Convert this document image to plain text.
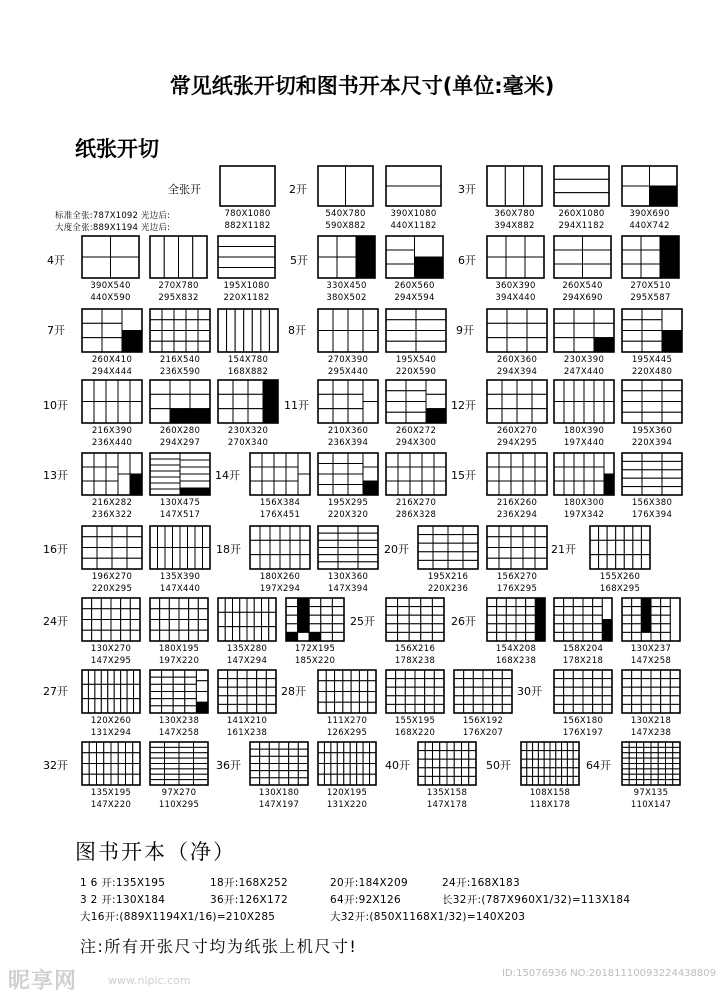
常见纸张开切和图书开本尺寸(单位:毫米)
纸张开切
标准全张:787X1092 光边后:
大度全张:889X1194 光边后:
780X1080
882X1182
全张开
540X780
590X882
2开
390X1080
440X1182
360X780
394X882
3开
260X1080
294X1182
390X690
440X742
390X540
440X590
4开
270X780
295X832
195X1080
220X1182
330X450
380X502
5开
260X560
294X594
360X390
394X440
6开
260X540
294X690
270X510
295X587
260X410
294X444
7开
216X540
236X590
154X780
168X882
270X390
295X440
8开
195X540
220X590
260X360
294X394
9开
230X390
247X440
195X445
220X480
216X390
236X440
10开
260X280
294X297
230X320
270X340
210X360
236X394
11开
260X272
294X300
260X270
294X295
12开
180X390
197X440
195X360
220X394
216X282
236X322
13开
130X475
147X517
156X384
176X451
14开
195X295
220X320
216X270
286X328
216X260
236X294
15开
180X300
197X342
156X380
176X394
196X270
220X295
16开
135X390
147X440
180X260
197X294
18开
130X360
147X394
195X216
220X236
20开
156X270
176X295
155X260
168X295
21开
130X270
147X295
24开
180X195
197X220
135X280
147X294
172X195
185X220
156X216
178X238
25开
154X208
168X238
26开
158X204
178X218
130X237
147X258
120X260
131X294
27开
130X238
147X258
141X210
161X238
111X270
126X295
28开
155X195
168X220
156X192
176X207
156X180
176X197
30开
130X218
147X238
135X195
147X220
32开
97X270
110X295
130X180
147X197
36开
120X195
131X220
135X158
147X178
40开
108X158
118X178
50开
97X135
110X147
64开
图书开本（净）
1 6 开:135X195	18开:168X252	20开:184X209	24开:168X183
3 2 开:130X184	36开:126X172	64开:92X126	长32开:(787X960X1/32)=113X184
大16开:(889X1194X1/16)=210X285	大32开:(850X1168X1/32)=140X203
注:所有开张尺寸均为纸张上机尺寸!
昵享网	www.nipic.com
ID:15076936 NO:20181110093224438809
